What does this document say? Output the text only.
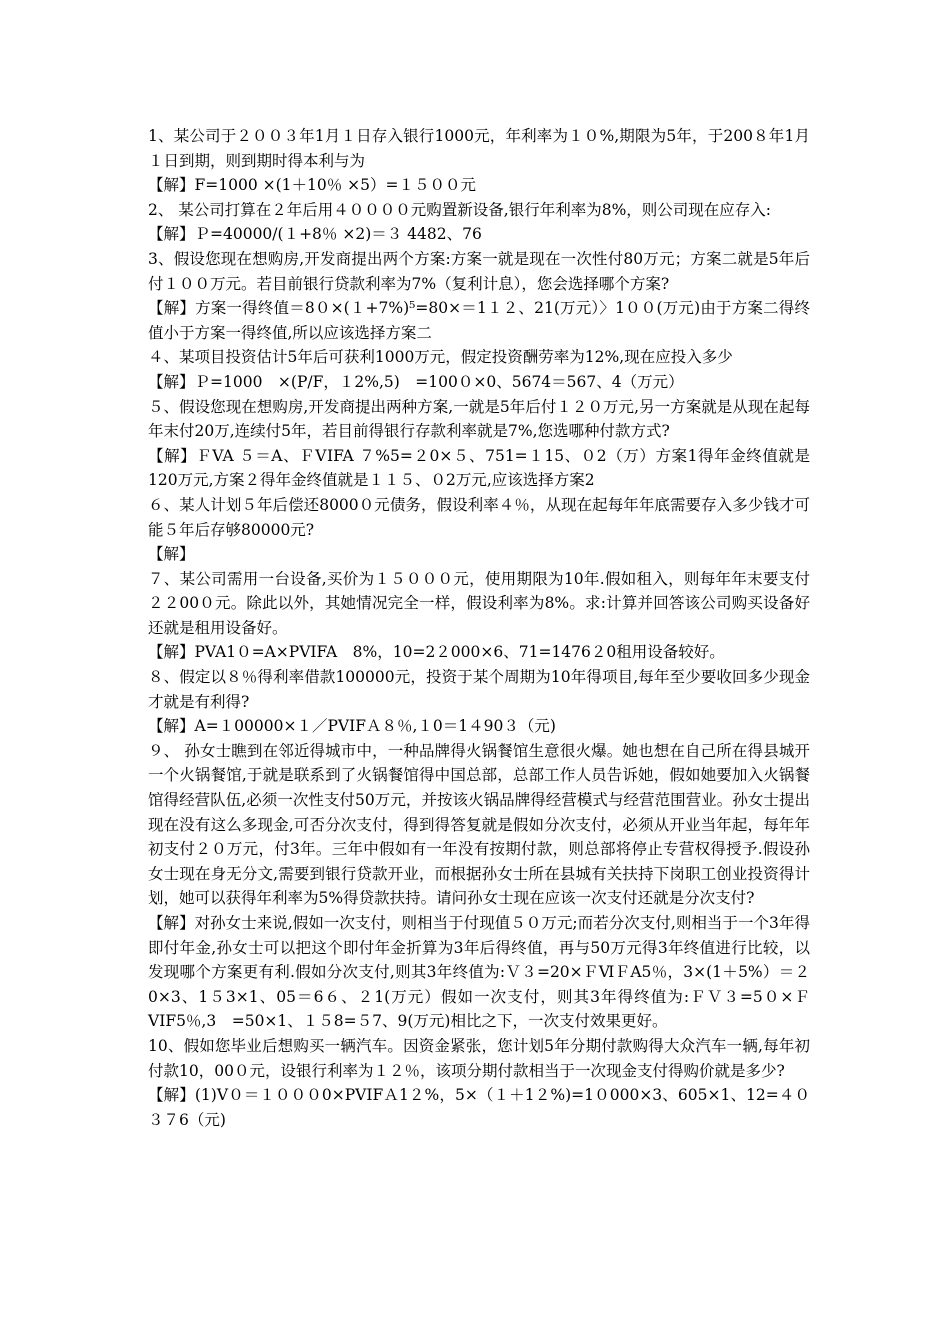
1、某公司于２００３年1月１日存入银行1000元，年利率为１０%,期限为5年，于200８年1月１日到期，则到期时得本利与为

【解】F=1000 ×(1＋10％ ×5）=１５００元

2、 某公司打算在２年后用４００００元购置新设备,银行年利率为8%，则公司现在应存入:

【解】Ｐ=40000/(１+8％ ×2)＝３ 4482、76

3、假设您现在想购房,开发商提出两个方案:方案一就是现在一次性付80万元；方案二就是5年后付１００万元。若目前银行贷款利率为7%（复利计息），您会选择哪个方案?

【解】方案一得终值＝8０×(１+7%)⁵=80×＝1１２、21(万元）〉1００(万元)由于方案二得终值小于方案一得终值,所以应该选择方案二

４、某项目投资估计5年后可获利1000万元，假定投资酬劳率为12%,现在应投入多少

【解】Ｐ=1000　×(P/F，１2%,5)　=100０×0、5674＝567、4（万元）

５、假设您现在想购房,开发商提出两种方案,一就是5年后付１２０万元,另一方案就是从现在起每年末付20万,连续付5年，若目前得银行存款利率就是7%,您选哪种付款方式?

【解】ＦVA ５＝A、ＦⅤIFA ７%5=２0×５、751=１15、０2（万）方案1得年金终值就是120万元,方案２得年金终值就是１１５、０2万元,应该选择方案2

６、某人计划５年后偿还8000０元债务，假设利率４％，从现在起每年年底需要存入多少钱才可能５年后存够80000元?

【解】

７、某公司需用一台设备,买价为１５０００元，使用期限为10年.假如租入，则每年年末要支付２２00０元。除此以外，其她情况完全一样，假设利率为8%。求:计算并回答该公司购买设备好还就是租用设备好。

【解】PVA1０=A×PⅤIFA　8%，10=2２000×6、71=1476２0租用设备较好。

８、假定以８％得利率借款100000元，投资于某个周期为10年得项目,每年至少要收回多少现金才就是有利得?

【解】A=１00000×１／PVIFＡ８％,１0＝1４90３（元)

９、 孙女士瞧到在邻近得城市中，一种品牌得火锅餐馆生意很火爆。她也想在自己所在得县城开一个火锅餐馆,于就是联系到了火锅餐馆得中国总部，总部工作人员告诉她，假如她要加入火锅餐馆得经营队伍,必须一次性支付50万元，并按该火锅品牌得经营模式与经营范围营业。孙女士提出现在没有这么多现金,可否分次支付，得到得答复就是假如分次支付，必须从开业当年起，每年年初支付２０万元，付3年。三年中假如有一年没有按期付款，则总部将停止专营权得授予.假设孙女士现在身无分文,需要到银行贷款开业，而根据孙女士所在县城有关扶持下岗职工创业投资得计划，她可以获得年利率为5%得贷款扶持。请问孙女士现在应该一次支付还就是分次支付?

【解】对孙女士来说,假如一次支付，则相当于付现值５０万元;而若分次支付,则相当于一个3年得即付年金,孙女士可以把这个即付年金折算为3年后得终值，再与50万元得3年终值进行比较，以发现哪个方案更有利.假如分次支付,则其3年终值为:Ｖ３=20×ＦⅥＦA5％，3×(1＋5%）＝２0×3、1５3×1、05＝6６、２1(万元）假如一次支付，则其3年得终值为:ＦＶ３=5０×ＦⅤIF5％,3　=50×1、１５8=５7、9(万元)相比之下，一次支付效果更好。

10、假如您毕业后想购买一辆汽车。因资金紧张，您计划5年分期付款购得大众汽车一辆,每年初付款10，00０元，设银行利率为１２％，该项分期付款相当于一次现金支付得购价就是多少?

【解】(1)Ⅴ０＝１０００0×PVIFＡ1２%，5×（１＋1２%)=1０000×3、605×1、12=４０３７6（元)
